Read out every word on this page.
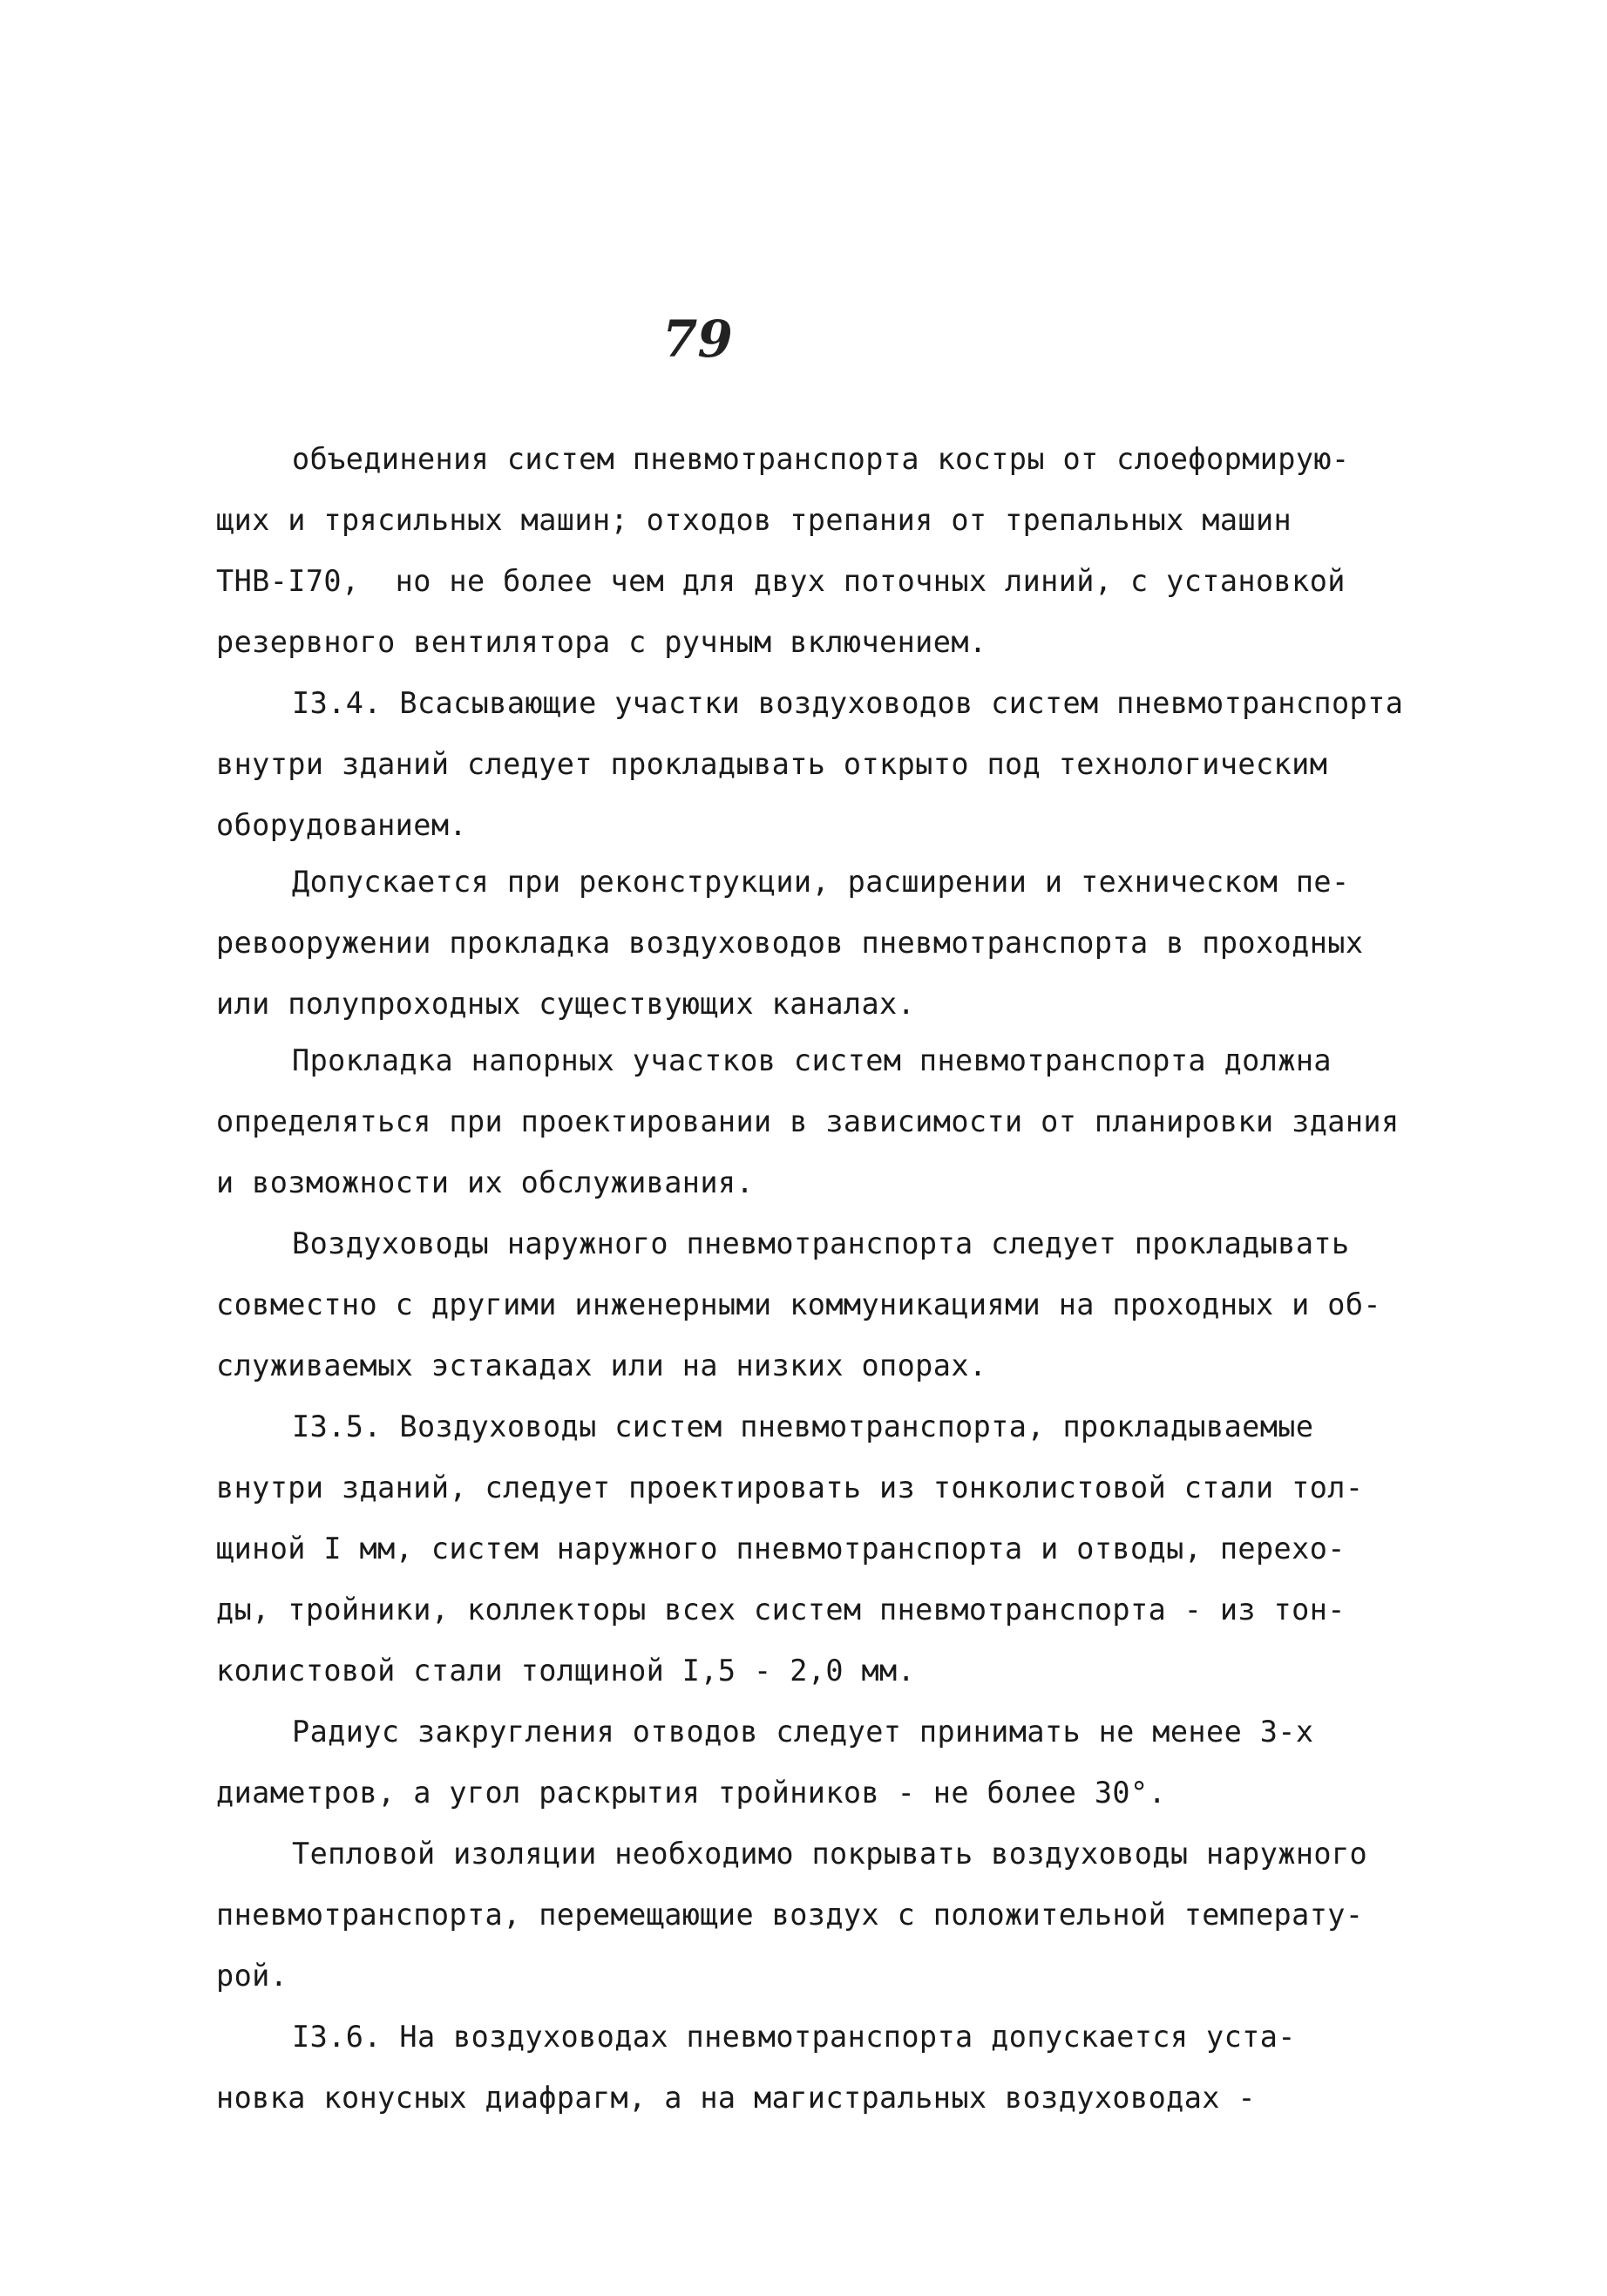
79
объединения систем пневмотранспорта костры от слоеформирую-
щих и трясильных машин; отходов трепания от трепальных машин
ТНВ-I70,  но не более чем для двух поточных линий, с установкой
резервного вентилятора с ручным включением.
I3.4. Всасывающие участки воздуховодов систем пневмотранспорта
внутри зданий следует прокладывать открыто под технологическим
оборудованием.
Допускается при реконструкции, расширении и техническом пе-
ревооружении прокладка воздуховодов пневмотранспорта в проходных
или полупроходных существующих каналах.
Прокладка напорных участков систем пневмотранспорта должна
определяться при проектировании в зависимости от планировки здания
и возможности их обслуживания.
Воздуховоды наружного пневмотранспорта следует прокладывать
совместно с другими инженерными коммуникациями на проходных и об-
служиваемых эстакадах или на низких опорах.
I3.5. Воздуховоды систем пневмотранспорта, прокладываемые
внутри зданий, следует проектировать из тонколистовой стали тол-
щиной I мм, систем наружного пневмотранспорта и отводы, перехо-
ды, тройники, коллекторы всех систем пневмотранспорта - из тон-
колистовой стали толщиной I,5 - 2,0 мм.
Радиус закругления отводов следует принимать не менее 3-х
диаметров, а угол раскрытия тройников - не более 30°.
Тепловой изоляции необходимо покрывать воздуховоды наружного
пневмотранспорта, перемещающие воздух с положительной температу-
рой.
I3.6. На воздуховодах пневмотранспорта допускается уста-
новка конусных диафрагм, а на магистральных воздуховодах -
